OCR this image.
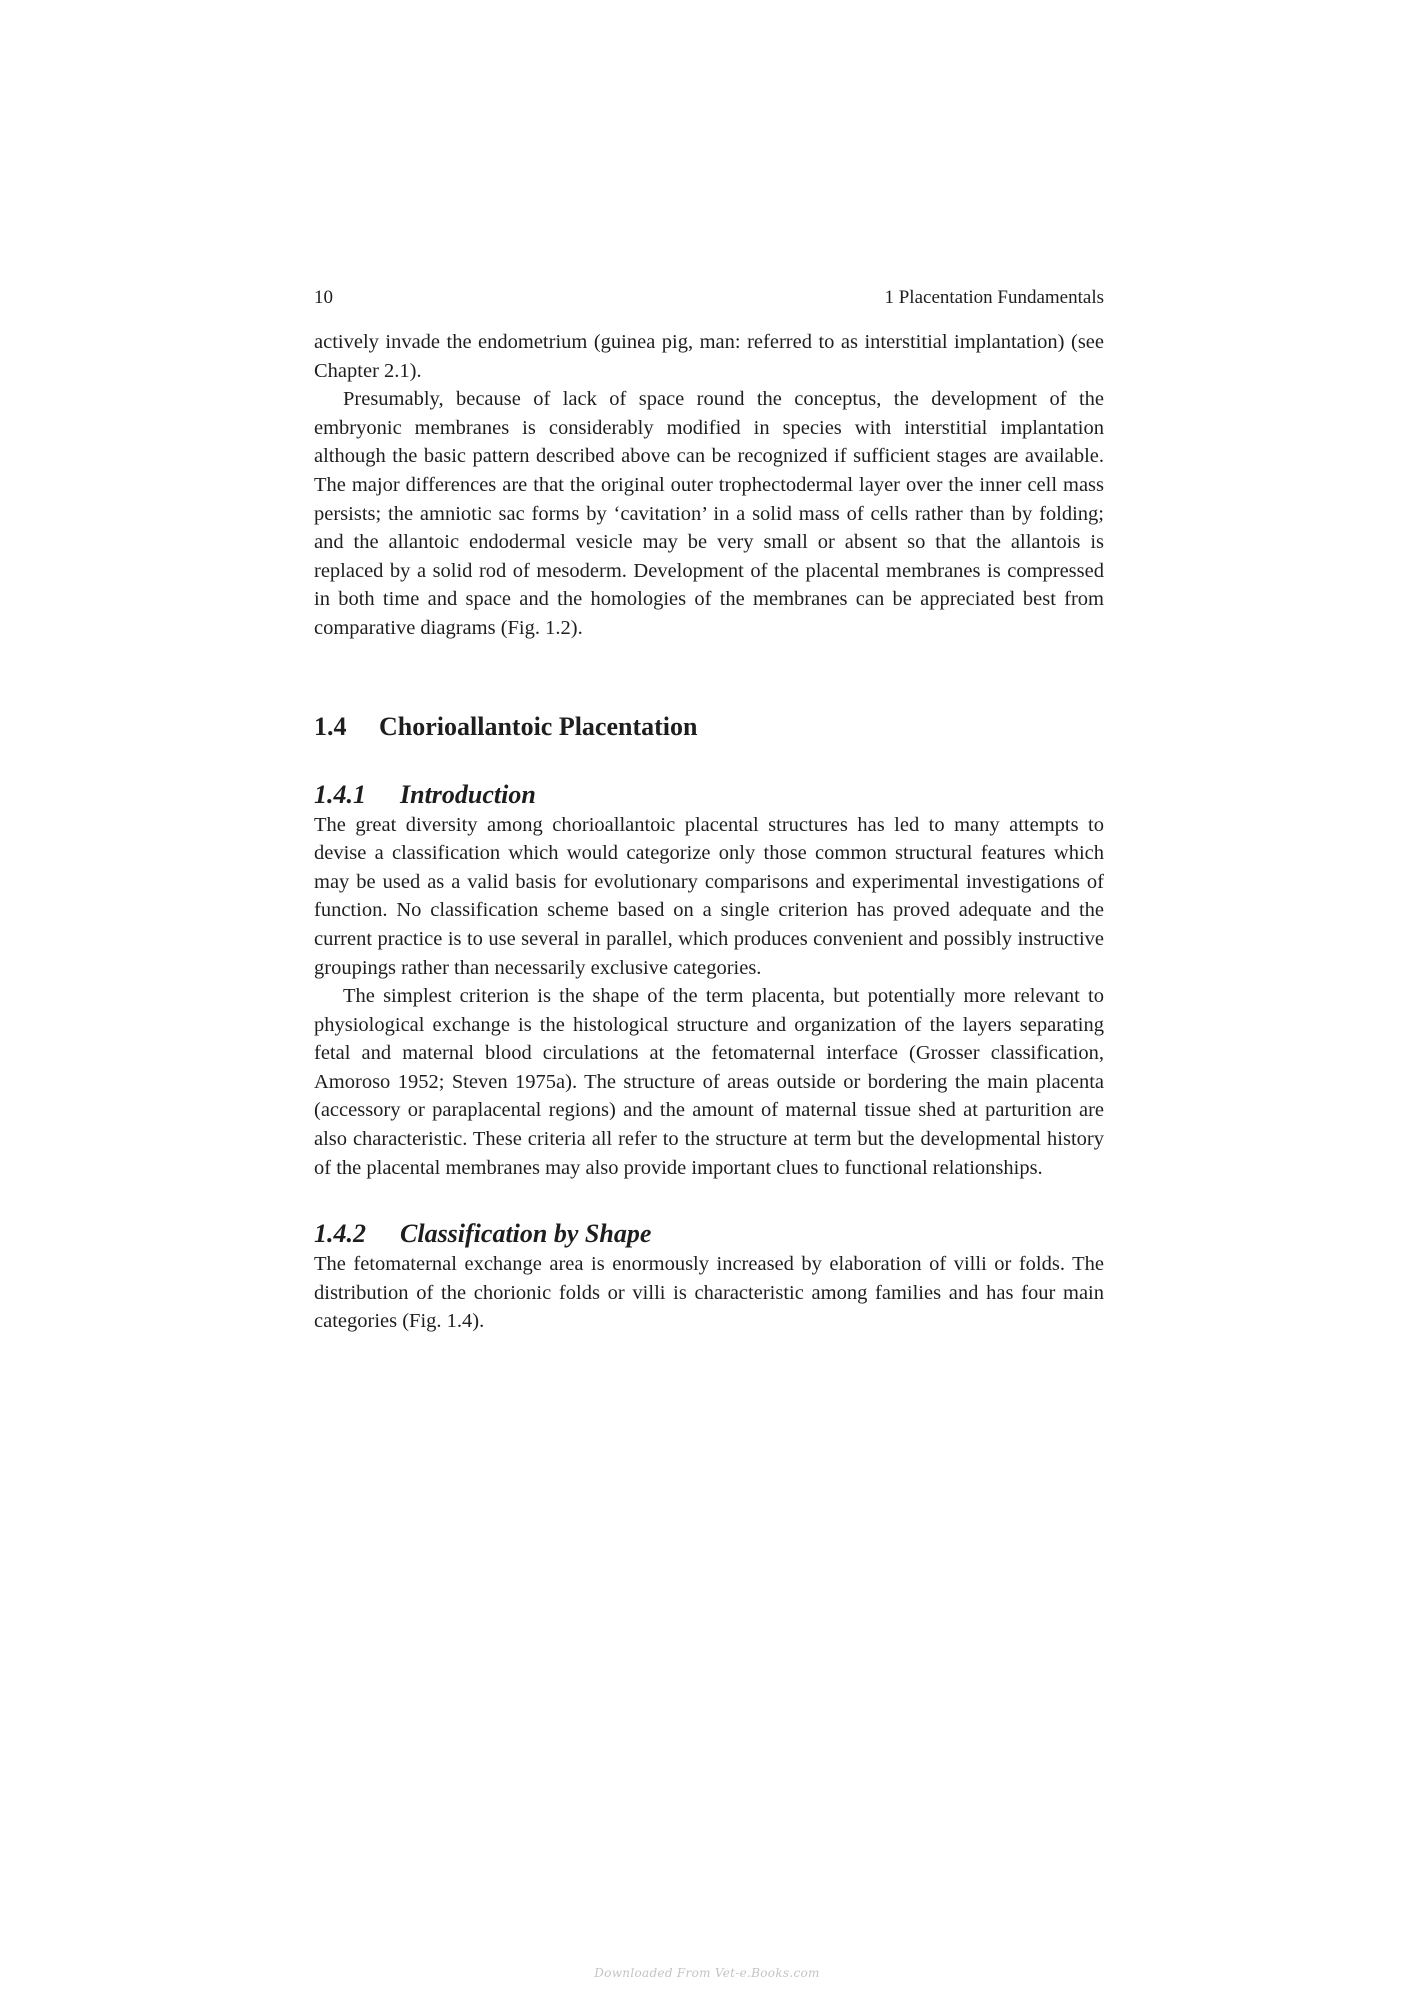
10	1 Placentation Fundamentals

actively invade the endometrium (guinea pig, man: referred to as interstitial implantation) (see Chapter 2.1).

Presumably, because of lack of space round the conceptus, the development of the embryonic membranes is considerably modified in species with interstitial implantation although the basic pattern described above can be recognized if sufficient stages are available. The major differences are that the original outer trophectodermal layer over the inner cell mass persists; the amniotic sac forms by ‘cavitation’ in a solid mass of cells rather than by folding; and the allantoic endodermal vesicle may be very small or absent so that the allantois is replaced by a solid rod of mesoderm. Development of the placental membranes is compressed in both time and space and the homologies of the membranes can be appreciated best from comparative diagrams (Fig. 1.2).

1.4 Chorioallantoic Placentation
1.4.1 Introduction

The great diversity among chorioallantoic placental structures has led to many attempts to devise a classification which would categorize only those common structural features which may be used as a valid basis for evolutionary comparisons and experimental investigations of function. No classification scheme based on a single criterion has proved adequate and the current practice is to use several in parallel, which produces convenient and possibly instructive groupings rather than necessarily exclusive categories.

The simplest criterion is the shape of the term placenta, but potentially more relevant to physiological exchange is the histological structure and organization of the layers separating fetal and maternal blood circulations at the fetomaternal interface (Grosser classification, Amoroso 1952; Steven 1975a). The structure of areas outside or bordering the main placenta (accessory or paraplacental regions) and the amount of maternal tissue shed at parturition are also characteristic. These criteria all refer to the structure at term but the developmental history of the placental membranes may also provide important clues to functional relationships.

1.4.2 Classification by Shape

The fetomaternal exchange area is enormously increased by elaboration of villi or folds. The distribution of the chorionic folds or villi is characteristic among families and has four main categories (Fig. 1.4).

Downloaded From Vet-e.Books.com
